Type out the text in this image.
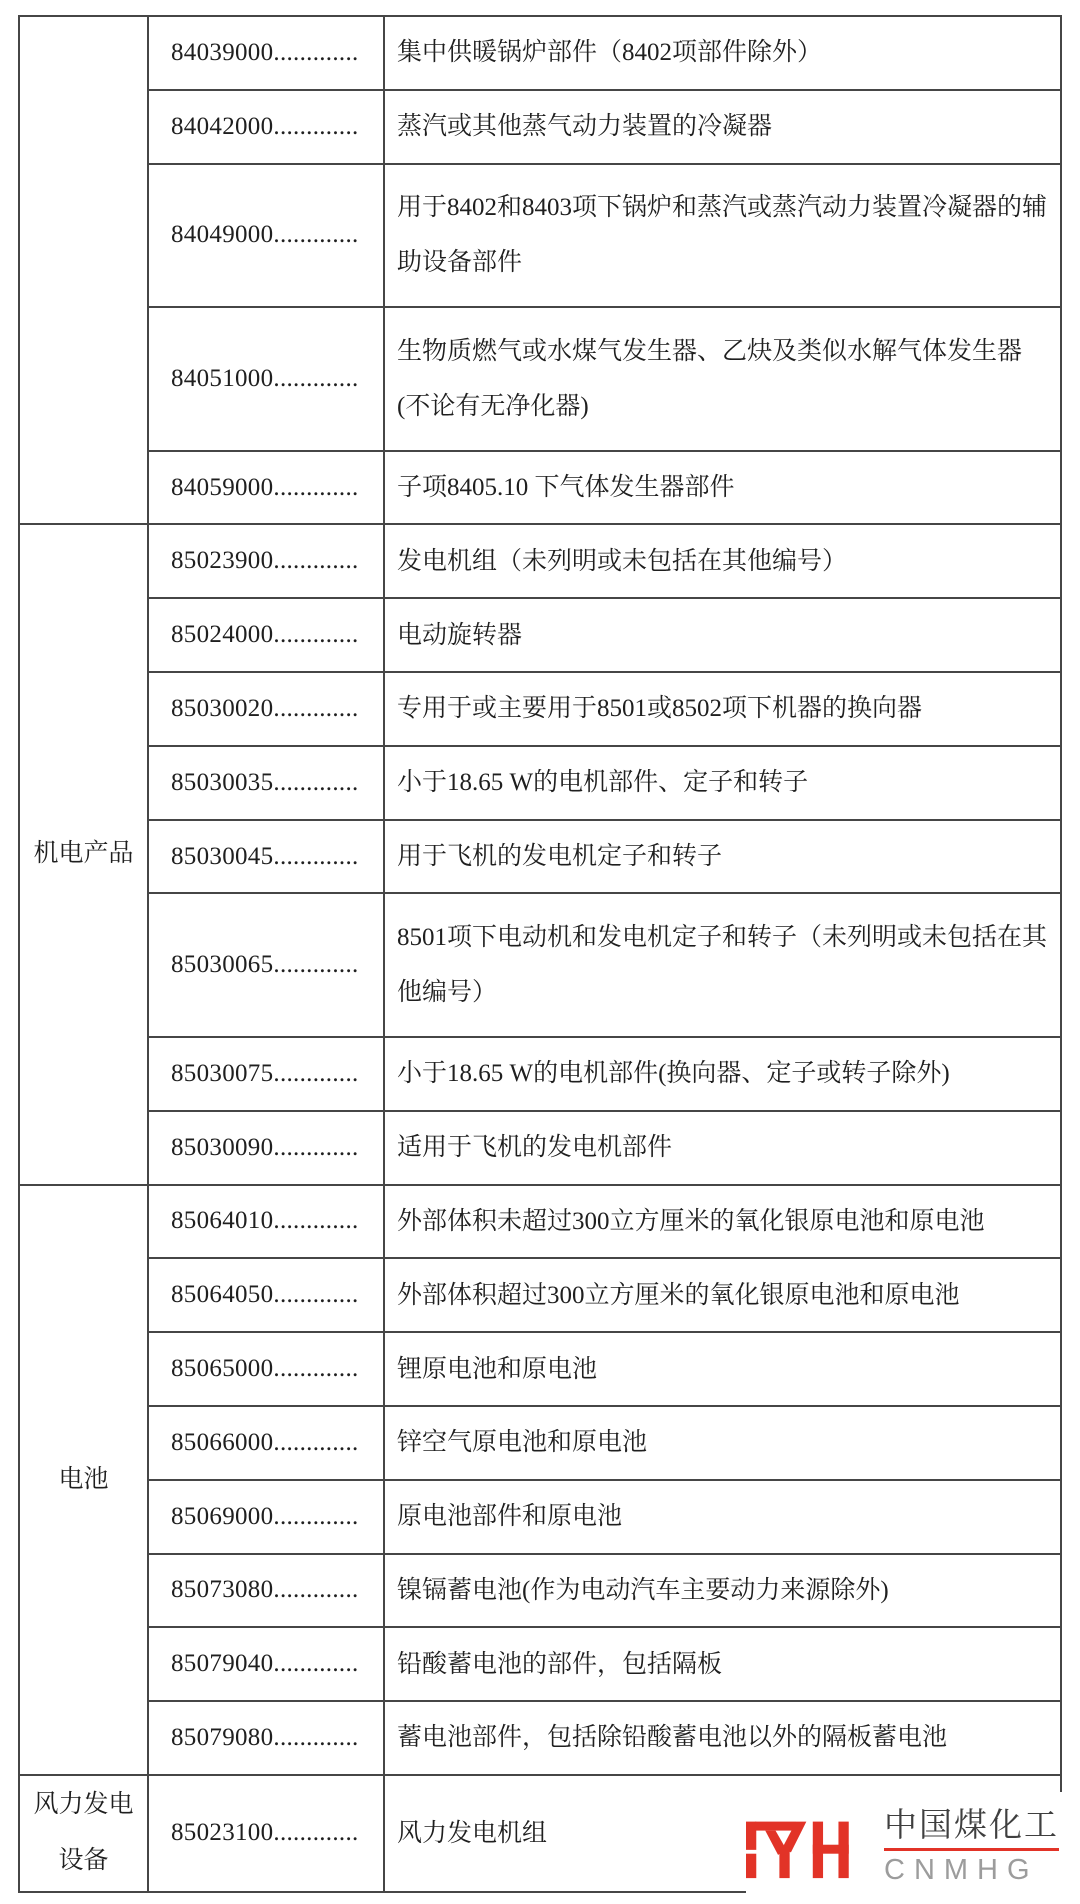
	84039000.............	集中供暖锅炉部件（8402项部件除外）
	84042000.............	蒸汽或其他蒸气动力装置的冷凝器
	84049000.............	用于8402和8403项下锅炉和蒸汽或蒸汽动力装置冷凝器的辅助设备部件
	84051000.............	生物质燃气或水煤气发生器、乙炔及类似水解气体发生器(不论有无净化器)
	84059000.............	子项8405.10 下气体发生器部件

机电产品	85023900.............	发电机组（未列明或未包括在其他编号）
	85024000.............	电动旋转器
	85030020.............	专用于或主要用于8501或8502项下机器的换向器
	85030035.............	小于18.65 W的电机部件、定子和转子
	85030045.............	用于飞机的发电机定子和转子
	85030065.............	8501项下电动机和发电机定子和转子（未列明或未包括在其他编号）
	85030075.............	小于18.65 W的电机部件(换向器、定子或转子除外)
	85030090.............	适用于飞机的发电机部件

电池	85064010.............	外部体积未超过300立方厘米的氧化银原电池和原电池
	85064050.............	外部体积超过300立方厘米的氧化银原电池和原电池
	85065000.............	锂原电池和原电池
	85066000.............	锌空气原电池和原电池
	85069000.............	原电池部件和原电池
	85073080.............	镍镉蓄电池(作为电动汽车主要动力来源除外)
	85079040.............	铅酸蓄电池的部件，包括隔板
	85079080.............	蓄电池部件，包括除铅酸蓄电池以外的隔板蓄电池

风力发电
设备	85023100.............	风力发电机组	中国煤化工
CNMHG
